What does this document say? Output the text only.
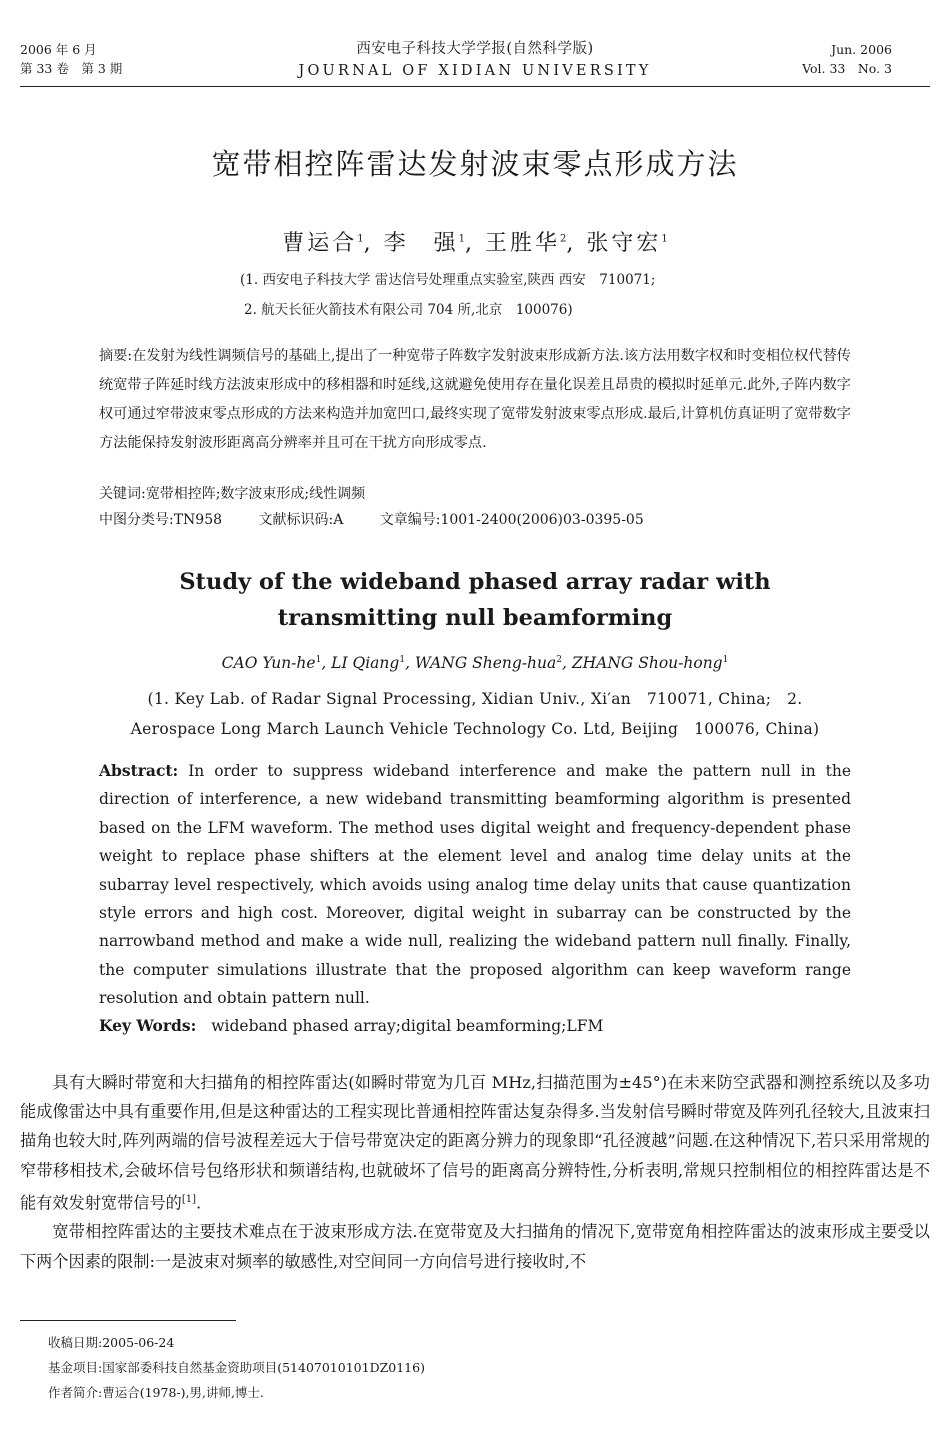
2006 年 6 月
第 33 卷　第 3 期
西安电子科技大学学报(自然科学版)
JOURNAL OF XIDIAN UNIVERSITY
Jun. 2006
Vol. 33　No. 3
宽带相控阵雷达发射波束零点形成方法
曹运合$^1$, 李　强$^1$, 王胜华$^2$, 张守宏$^1$
(1. 西安电子科技大学 雷达信号处理重点实验室,陕西 西安　710071;
2. 航天长征火箭技术有限公司 704 所,北京　100076)
摘要:在发射为线性调频信号的基础上,提出了一种宽带子阵数字发射波束形成新方法.该方法用数字权和时变相位权代替传统宽带子阵延时线方法波束形成中的移相器和时延线,这就避免使用存在量化误差且昂贵的模拟时延单元.此外,子阵内数字权可通过窄带波束零点形成的方法来构造并加宽凹口,最终实现了宽带发射波束零点形成.最后,计算机仿真证明了宽带数字方法能保持发射波形距离高分辨率并且可在干扰方向形成零点.
关键词:宽带相控阵;数字波束形成;线性调频
中图分类号:TN958	文献标识码:A	文章编号:1001-2400(2006)03-0395-05
Study of the wideband phased array radar with
transmitting null beamforming
CAO Yun-$he^1$, LI Qiang$^1$, WANG Sheng-hua$^2$, ZHANG Shou-hong$^1$
(1. Key Lab. of Radar Signal Processing, Xidian Univ., Xi′an　710071, China;　2.
Aerospace Long March Launch Vehicle Technology Co. Ltd, Beijing　100076, China)
Abstract: In order to suppress wideband interference and make the pattern null in the direction of interference, a new wideband transmitting beamforming algorithm is presented based on the LFM waveform. The method uses digital weight and frequency-dependent phase weight to replace phase shifters at the element level and analog time delay units at the subarray level respectively, which avoids using analog time delay units that cause quantization style errors and high cost. Moreover, digital weight in subarray can be constructed by the narrowband method and make a wide null, realizing the wideband pattern null finally. Finally, the computer simulations illustrate that the proposed algorithm can keep waveform range resolution and obtain pattern null.
Key Words: wideband phased array;digital beamforming;LFM

具有大瞬时带宽和大扫描角的相控阵雷达(如瞬时带宽为几百 MHz,扫描范围为±45°)在未来防空武器和测控系统以及多功能成像雷达中具有重要作用,但是这种雷达的工程实现比普通相控阵雷达复杂得多.当发射信号瞬时带宽及阵列孔径较大,且波束扫描角也较大时,阵列两端的信号波程差远大于信号带宽决定的距离分辨力的现象即“孔径渡越”问题.在这种情况下,若只采用常规的窄带移相技术,会破坏信号包络形状和频谱结构,也就破坏了信号的距离高分辨特性,分析表明,常规只控制相位的相控阵雷达是不能有效发射宽带信号的[1].

宽带相控阵雷达的主要技术难点在于波束形成方法.在宽带宽及大扫描角的情况下,宽带宽角相控阵雷达的波束形成主要受以下两个因素的限制:一是波束对频率的敏感性,对空间同一方向信号进行接收时,不

收稿日期:2005-06-24
基金项目:国家部委科技自然基金资助项目(51407010101DZ0116)
作者简介:曹运合(1978-),男,讲师,博士.
